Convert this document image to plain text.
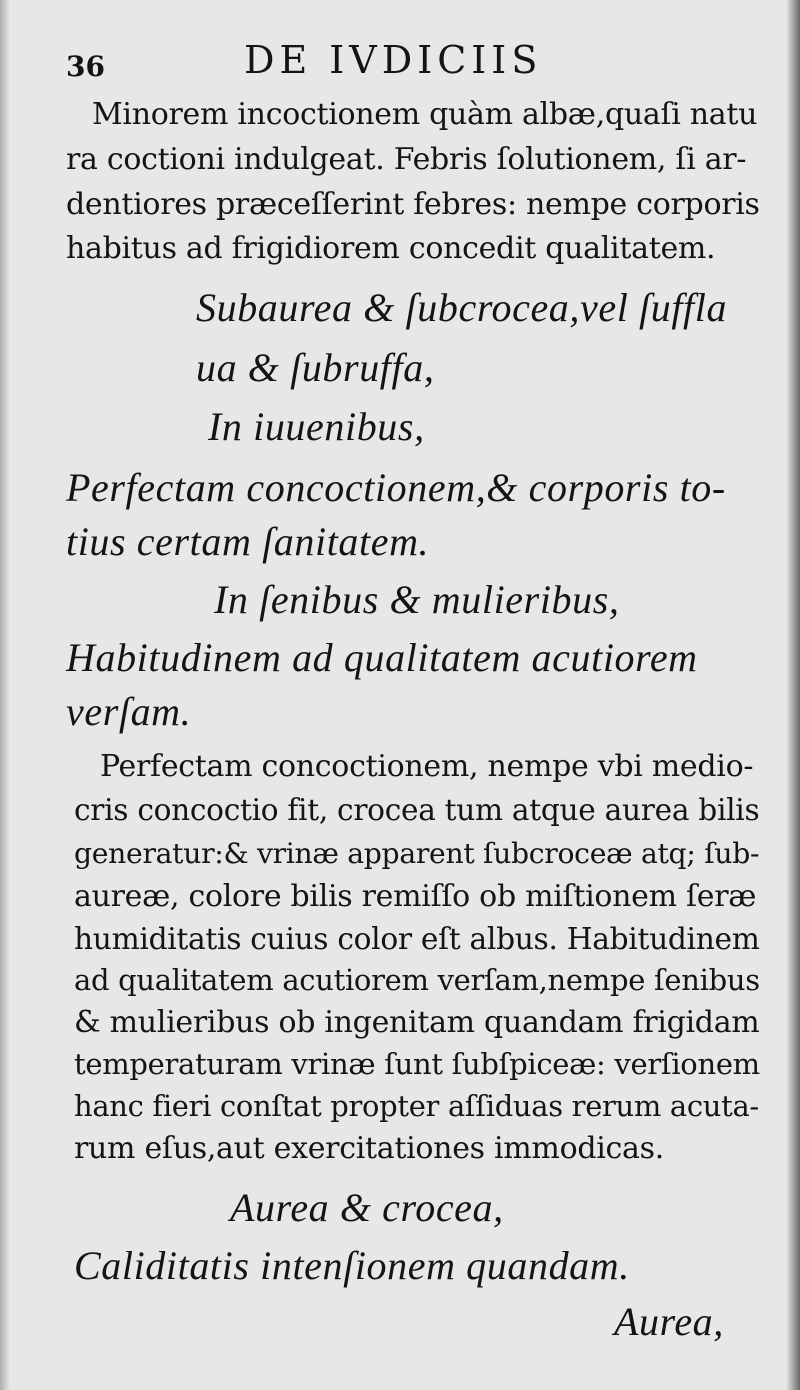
36	DE IVDICIIS
Minorem incoctionem quàm albæ,quaſi natu
ra coctioni indulgeat. Febris ſolutionem, ſi ar-
dentiores præceſſerint febres: nempe corporis
habitus ad frigidiorem concedit qualitatem.
Subaurea & ſubcrocea,vel ſuffla
ua & ſubruffa,
In iuuenibus,
Perfectam concoctionem,& corporis to-
tius certam ſanitatem.
In ſenibus & mulieribus,
Habitudinem ad qualitatem acutiorem
verſam.
Perfectam concoctionem, nempe vbi medio-
cris concoctio fit, crocea tum atque aurea bilis
generatur:& vrinæ apparent ſubcroceæ atq; ſub-
aureæ, colore bilis remiſſo ob miſtionem ſeræ
humiditatis cuius color eſt albus. Habitudinem
ad qualitatem acutiorem verſam,nempe ſenibus
& mulieribus ob ingenitam quandam frigidam
temperaturam vrinæ ſunt ſubſpiceæ: verſionem
hanc fieri conſtat propter aſſiduas rerum acuta-
rum eſus,aut exercitationes immodicas.
Aurea & crocea,
Caliditatis intenſionem quandam.
Aurea,
